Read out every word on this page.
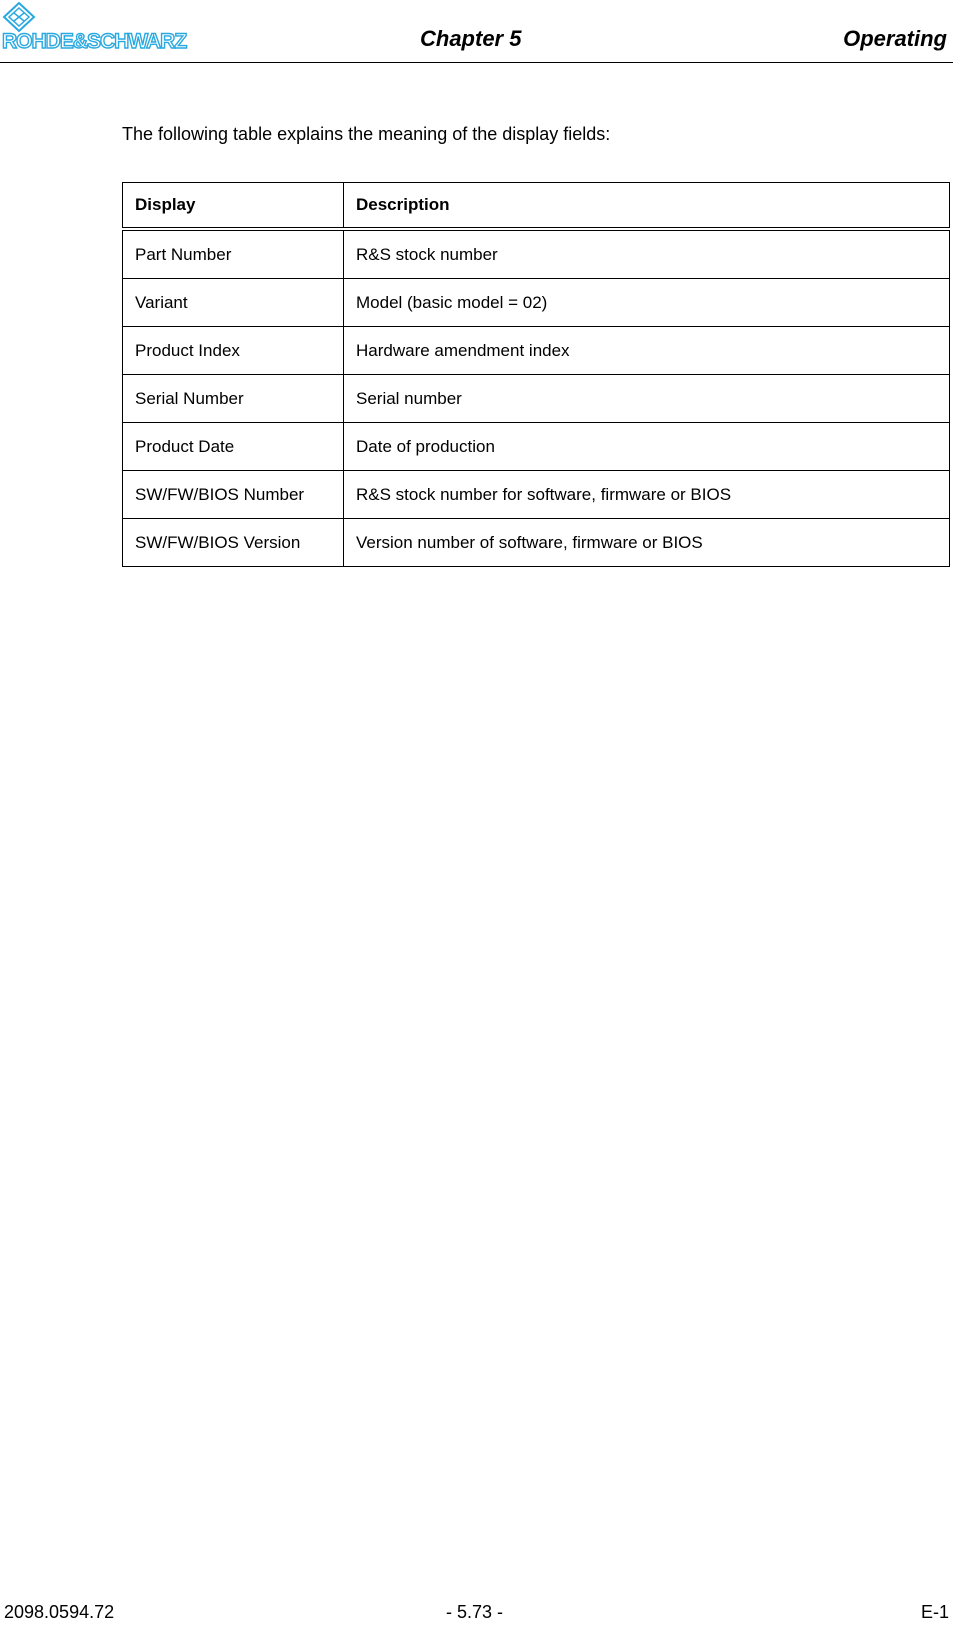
ROHDE&SCHWARZ	Chapter 5	Operating
The following table explains the meaning of the display fields:
Display	Description
Part Number	R&S stock number
Variant	Model (basic model = 02)
Product Index	Hardware amendment index
Serial Number	Serial number
Product Date	Date of production
SW/FW/BIOS Number	R&S stock number for software, firmware or BIOS
SW/FW/BIOS Version	Version number of software, firmware or BIOS
2098.0594.72	- 5.73 -	E-1
